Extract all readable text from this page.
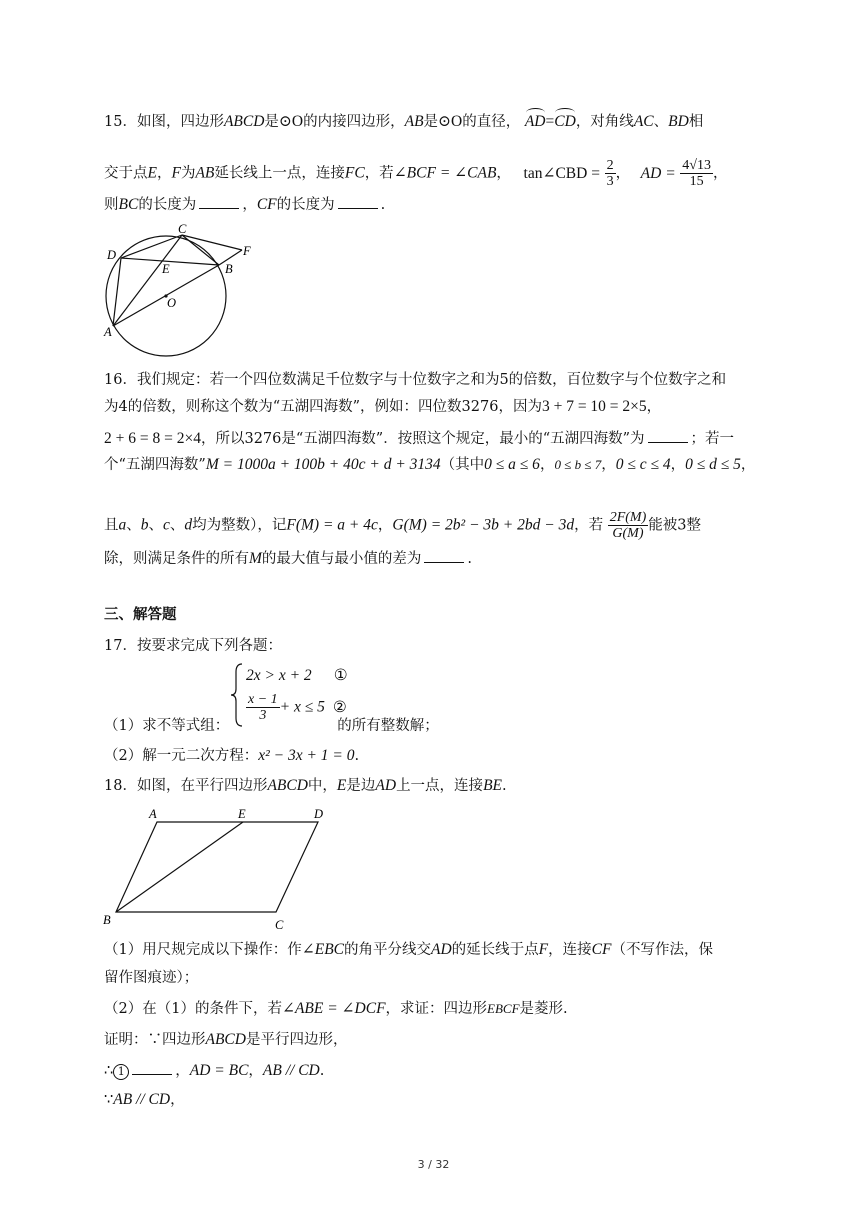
15．如图，四边形ABCD是⊙O的内接四边形，AB是⊙O的直径， AD=CD，对角线AC、BD相
交于点E，F为AB延长线上一点，连接FC，若∠BCF = ∠CAB， tan∠CBD = $\frac{2}{3}$ ， AD = $\frac{4√13}{15}$ ，
则BC的长度为	，CF的长度为	.
A
B
C
D
E
F
O
16．我们规定：若一个四位数满足千位数字与十位数字之和为5的倍数，百位数字与个位数字之和
为4的倍数，则称这个数为“五湖四海数”，例如：四位数3276，因为3 + 7 = 10 = 2×5，
2 + 6 = 8 = 2×4，所以3276是“五湖四海数”．按照这个规定，最小的“五湖四海数”为	；若一
个“五湖四海数”M = 1000a + 100b + 40c + d + 3134（其中0 ≤ a ≤ 6，0 ≤ b ≤ 7，0 ≤ c ≤ 4，0 ≤ d ≤ 5，
且a、b、c、d均为整数），记F(M) = a + 4c，G(M) = 2b² − 3b + 2bd − 3d，若 $\frac{2F(M)}{G(M)}$ 能被3整
除，则满足条件的所有M的最大值与最小值的差为	.
三、解答题
17．按要求完成下列各题：
2x > x + 2 ①
$\frac{x - 1}{3} + x \le 5$ ②
（1）求不等式组：	的所有整数解；
（2）解一元二次方程：x² − 3x + 1 = 0.
18．如图，在平行四边形ABCD中，E是边AD上一点，连接BE.
A
B	C
D
E
（1）用尺规完成以下操作：作∠EBC的角平分线交AD的延长线于点F，连接CF（不写作法，保
留作图痕迹）；
（2）在（1）的条件下，若∠ABE = ∠DCF，求证：四边形EBCF是菱形.
证明：∵四边形ABCD是平行四边形，
∴ 1	，AD = BC，AB // CD.
∵AB // CD，
3 / 32
